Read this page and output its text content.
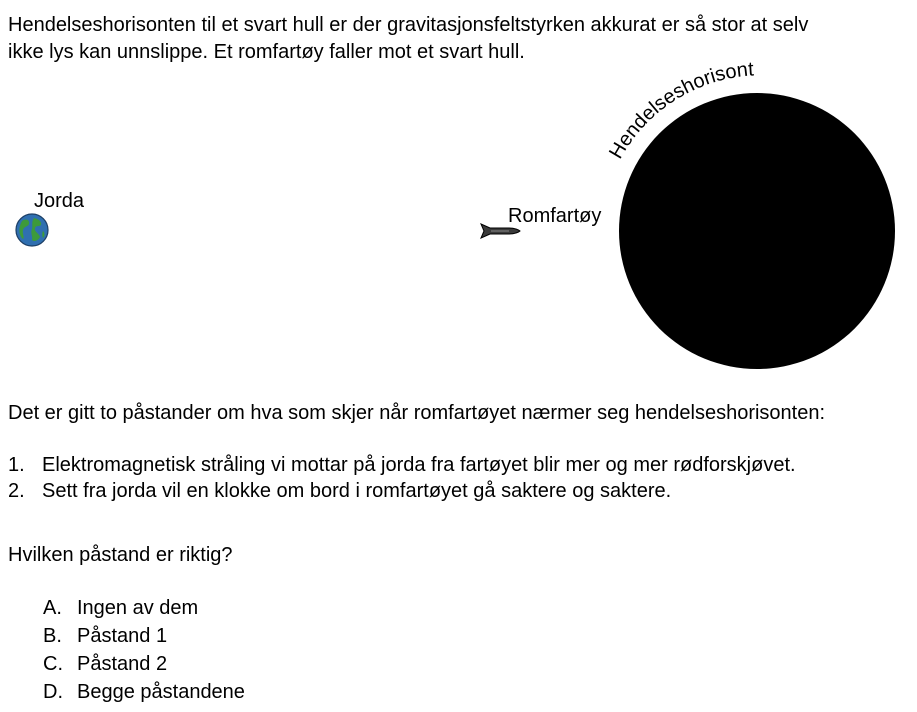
Hendelseshorisonten til et svart hull er der gravitasjonsfeltstyrken akkurat er så stor at selv
ikke lys kan unnslippe. Et romfartøy faller mot et svart hull.

Jorda
Romfartøy
Hendelseshorisont

Det er gitt to påstander om hva som skjer når romfartøyet nærmer seg hendelseshorisonten:

1. Elektromagnetisk stråling vi mottar på jorda fra fartøyet blir mer og mer rødforskjøvet.
2. Sett fra jorda vil en klokke om bord i romfartøyet gå saktere og saktere.

Hvilken påstand er riktig?

A. Ingen av dem
B. Påstand 1
C. Påstand 2
D. Begge påstandene
